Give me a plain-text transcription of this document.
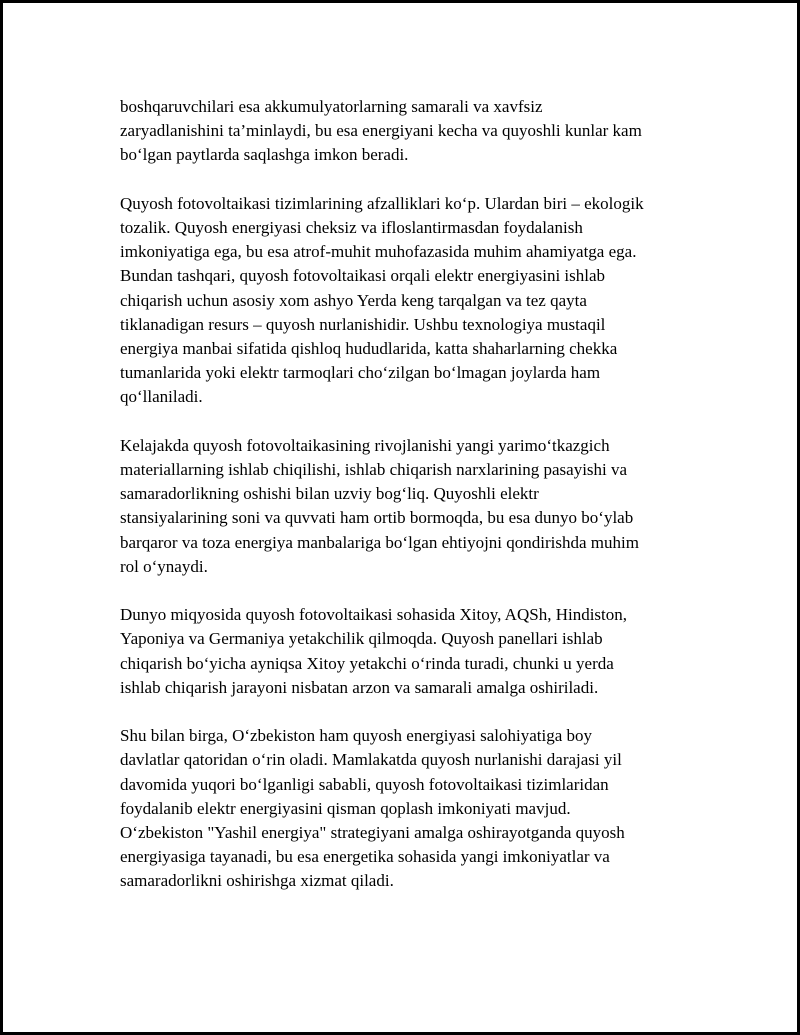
boshqaruvchilari esa akkumulyatorlarning samarali va xavfsiz
zaryadlanishini ta’minlaydi, bu esa energiyani kecha va quyoshli kunlar kam
bo‘lgan paytlarda saqlashga imkon beradi.

Quyosh fotovoltaikasi tizimlarining afzalliklari ko‘p. Ulardan biri – ekologik
tozalik. Quyosh energiyasi cheksiz va ifloslantirmasdan foydalanish
imkoniyatiga ega, bu esa atrof-muhit muhofazasida muhim ahamiyatga ega.
Bundan tashqari, quyosh fotovoltaikasi orqali elektr energiyasini ishlab
chiqarish uchun asosiy xom ashyo Yerda keng tarqalgan va tez qayta
tiklanadigan resurs – quyosh nurlanishidir. Ushbu texnologiya mustaqil
energiya manbai sifatida qishloq hududlarida, katta shaharlarning chekka
tumanlarida yoki elektr tarmoqlari cho‘zilgan bo‘lmagan joylarda ham
qo‘llaniladi.

Kelajakda quyosh fotovoltaikasining rivojlanishi yangi yarimo‘tkazgich
materiallarning ishlab chiqilishi, ishlab chiqarish narxlarining pasayishi va
samaradorlikning oshishi bilan uzviy bog‘liq. Quyoshli elektr
stansiyalarining soni va quvvati ham ortib bormoqda, bu esa dunyo bo‘ylab
barqaror va toza energiya manbalariga bo‘lgan ehtiyojni qondirishda muhim
rol o‘ynaydi.

Dunyo miqyosida quyosh fotovoltaikasi sohasida Xitoy, AQSh, Hindiston,
Yaponiya va Germaniya yetakchilik qilmoqda. Quyosh panellari ishlab
chiqarish bo‘yicha ayniqsa Xitoy yetakchi o‘rinda turadi, chunki u yerda
ishlab chiqarish jarayoni nisbatan arzon va samarali amalga oshiriladi.

Shu bilan birga, O‘zbekiston ham quyosh energiyasi salohiyatiga boy
davlatlar qatoridan o‘rin oladi. Mamlakatda quyosh nurlanishi darajasi yil
davomida yuqori bo‘lganligi sababli, quyosh fotovoltaikasi tizimlaridan
foydalanib elektr energiyasini qisman qoplash imkoniyati mavjud.
O‘zbekiston "Yashil energiya" strategiyani amalga oshirayotganda quyosh
energiyasiga tayanadi, bu esa energetika sohasida yangi imkoniyatlar va
samaradorlikni oshirishga xizmat qiladi.
